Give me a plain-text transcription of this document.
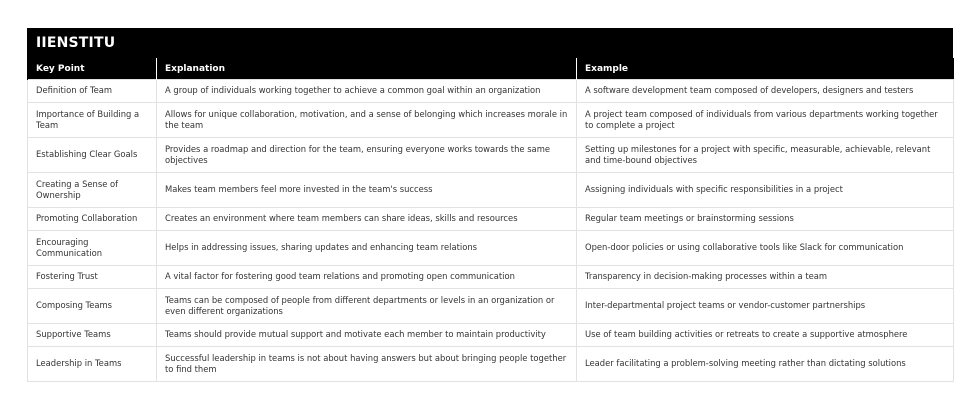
IIENSTITU
Key Point	Explanation	Example
Definition of Team	A group of individuals working together to achieve a common goal within an organization	A software development team composed of developers, designers and testers
Importance of Building a Team	Allows for unique collaboration, motivation, and a sense of belonging which increases morale in the team	A project team composed of individuals from various departments working together to complete a project
Establishing Clear Goals	Provides a roadmap and direction for the team, ensuring everyone works towards the same objectives	Setting up milestones for a project with specific, measurable, achievable, relevant and time-bound objectives
Creating a Sense of Ownership	Makes team members feel more invested in the team's success	Assigning individuals with specific responsibilities in a project
Promoting Collaboration	Creates an environment where team members can share ideas, skills and resources	Regular team meetings or brainstorming sessions
Encouraging Communication	Helps in addressing issues, sharing updates and enhancing team relations	Open-door policies or using collaborative tools like Slack for communication
Fostering Trust	A vital factor for fostering good team relations and promoting open communication	Transparency in decision-making processes within a team
Composing Teams	Teams can be composed of people from different departments or levels in an organization or even different organizations	Inter-departmental project teams or vendor-customer partnerships
Supportive Teams	Teams should provide mutual support and motivate each member to maintain productivity	Use of team building activities or retreats to create a supportive atmosphere
Leadership in Teams	Successful leadership in teams is not about having answers but about bringing people together to find them	Leader facilitating a problem-solving meeting rather than dictating solutions
